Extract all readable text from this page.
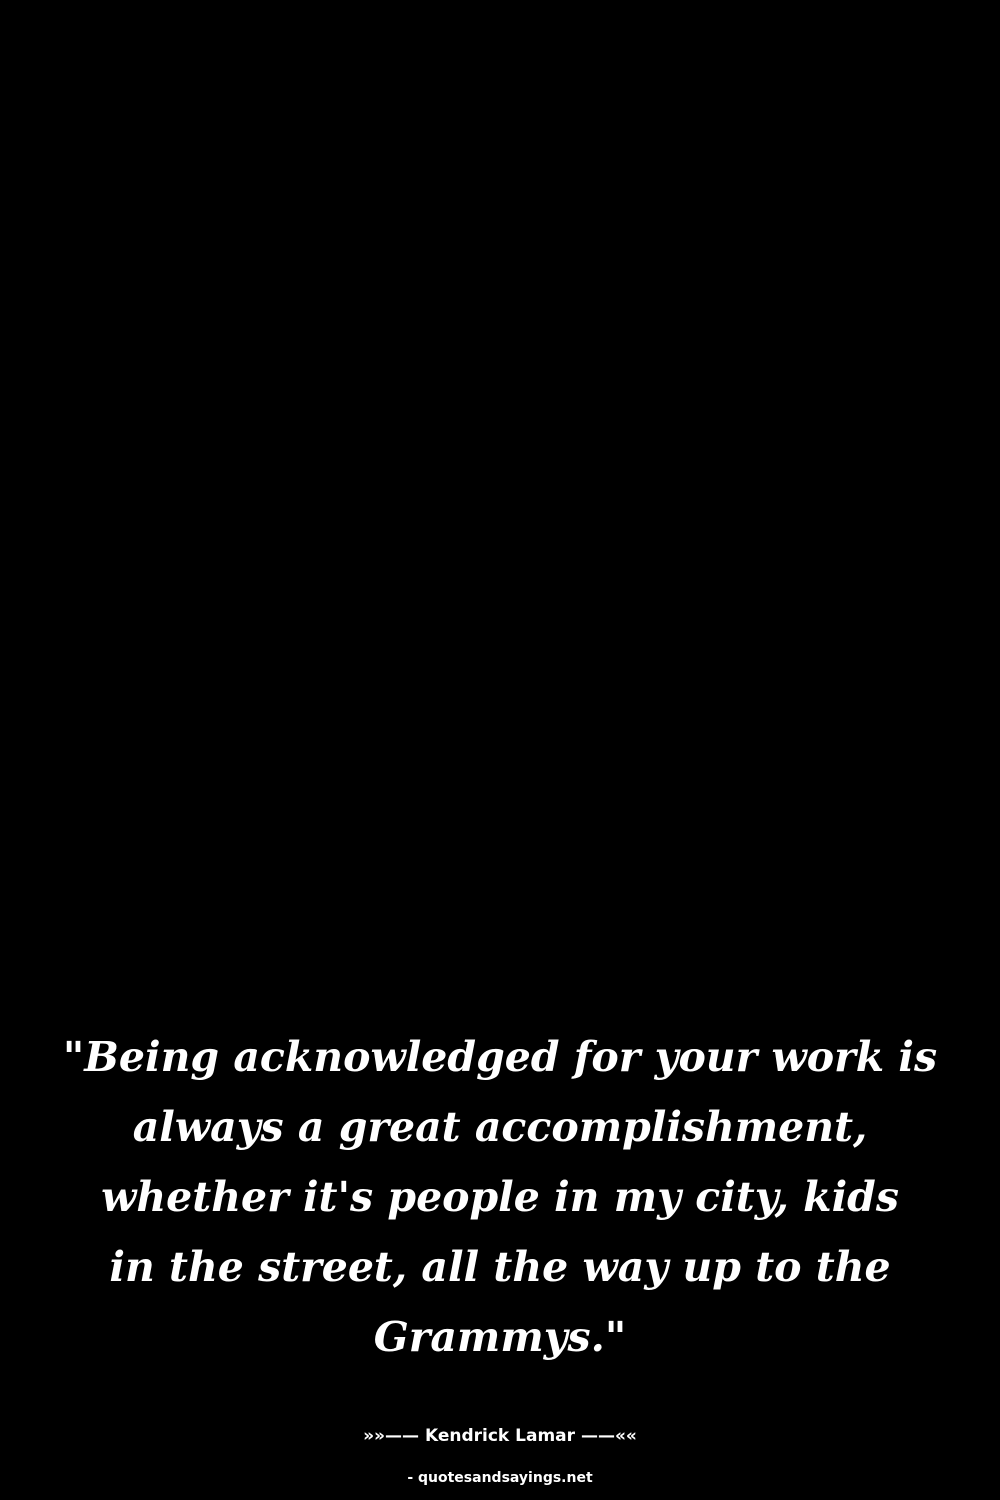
"Being acknowledged for your work is
always a great accomplishment,
whether it's people in my city, kids
in the street, all the way up to the
Grammys."

»»—— Kendrick Lamar ——««
- quotesandsayings.net
